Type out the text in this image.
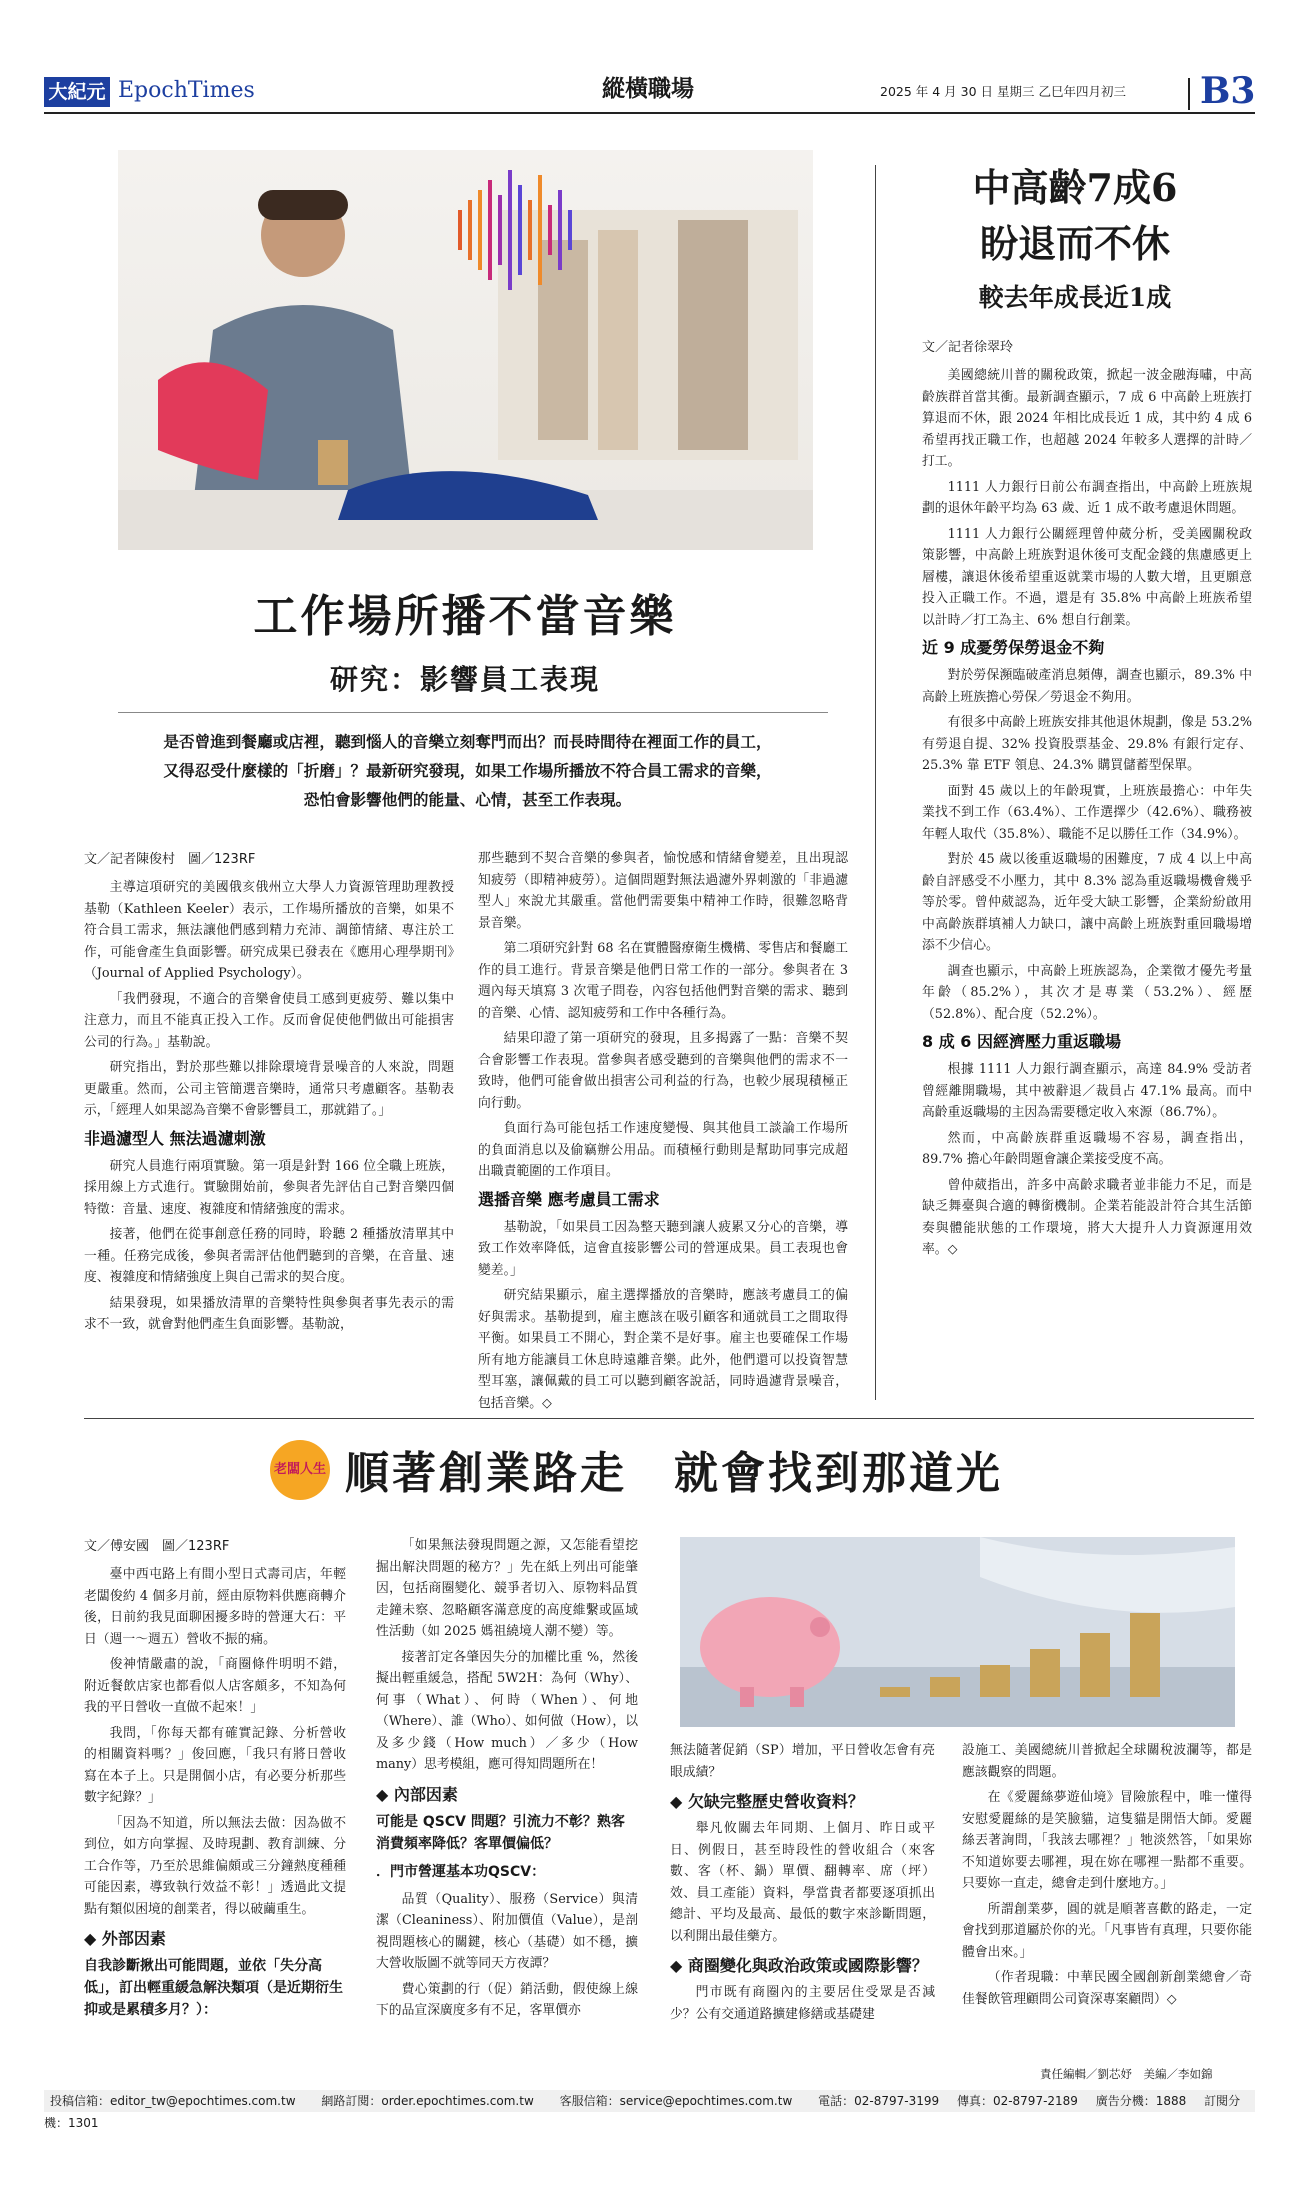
大紀元 EpochTimes	縱橫職場	2025 年 4 月 30 日 星期三 乙巳年四月初三 B3
工作場所播不當音樂
研究：影響員工表現
是否曾進到餐廳或店裡，聽到惱人的音樂立刻奪門而出？而長時間待在裡面工作的員工，
又得忍受什麼樣的「折磨」？最新研究發現，如果工作場所播放不符合員工需求的音樂，
恐怕會影響他們的能量、心情，甚至工作表現。
文／記者陳俊村　圖／123RF

主導這項研究的美國俄亥俄州立大學人力資源管理助理教授基勒（Kathleen Keeler）表示，工作場所播放的音樂，如果不符合員工需求，無法讓他們感到精力充沛、調節情緒、專注於工作，可能會產生負面影響。研究成果已發表在《應用心理學期刊》（Journal of Applied Psychology）。

「我們發現，不適合的音樂會使員工感到更疲勞、難以集中注意力，而且不能真正投入工作。反而會促使他們做出可能損害公司的行為。」基勒說。

研究指出，對於那些難以排除環境背景噪音的人來說，問題更嚴重。然而，公司主管簡選音樂時，通常只考慮顧客。基勒表示，「經理人如果認為音樂不會影響員工，那就錯了。」

非過濾型人 無法過濾刺激

研究人員進行兩項實驗。第一項是針對 166 位全職上班族，採用線上方式進行。實驗開始前，參與者先評估自己對音樂四個特徵：音量、速度、複雜度和情緒強度的需求。

接著，他們在從事創意任務的同時，聆聽 2 種播放清單其中一種。任務完成後，參與者需評估他們聽到的音樂，在音量、速度、複雜度和情緒強度上與自己需求的契合度。

結果發現，如果播放清單的音樂特性與參與者事先表示的需求不一致，就會對他們產生負面影響。基勒說，

那些聽到不契合音樂的參與者，愉悅感和情緒會變差，且出現認知疲勞（即精神疲勞）。這個問題對無法過濾外界刺激的「非過濾型人」來說尤其嚴重。當他們需要集中精神工作時，很難忽略背景音樂。

第二項研究針對 68 名在實體醫療衛生機構、零售店和餐廳工作的員工進行。背景音樂是他們日常工作的一部分。參與者在 3 週內每天填寫 3 次電子問卷，內容包括他們對音樂的需求、聽到的音樂、心情、認知疲勞和工作中各種行為。

結果印證了第一項研究的發現，且多揭露了一點：音樂不契合會影響工作表現。當參與者感受聽到的音樂與他們的需求不一致時，他們可能會做出損害公司利益的行為，也較少展現積極正向行動。

負面行為可能包括工作速度變慢、與其他員工談論工作場所的負面消息以及偷竊辦公用品。而積極行動則是幫助同事完成超出職責範圍的工作項目。

選播音樂 應考慮員工需求

基勒說，「如果員工因為整天聽到讓人疲累又分心的音樂，導致工作效率降低，這會直接影響公司的營運成果。員工表現也會變差。」

研究結果顯示，雇主選擇播放的音樂時，應該考慮員工的偏好與需求。基勒提到，雇主應該在吸引顧客和通就員工之間取得平衡。如果員工不開心，對企業不是好事。雇主也要確保工作場所有地方能讓員工休息時遠離音樂。此外，他們還可以投資智慧型耳塞，讓佩戴的員工可以聽到顧客說話，同時過濾背景噪音，包括音樂。◇

中高齡7成6
盼退而不休
較去年成長近1成
文／記者徐翠玲

美國總統川普的關稅政策，掀起一波金融海嘯，中高齡族群首當其衝。最新調查顯示，7 成 6 中高齡上班族打算退而不休，跟 2024 年相比成長近 1 成，其中約 4 成 6 希望再找正職工作，也超越 2024 年較多人選擇的計時／打工。

1111 人力銀行日前公布調查指出，中高齡上班族規劃的退休年齡平均為 63 歲、近 1 成不敢考慮退休問題。

1111 人力銀行公關經理曾仲葳分析，受美國關稅政策影響，中高齡上班族對退休後可支配金錢的焦慮感更上層樓，讓退休後希望重返就業市場的人數大增，且更願意投入正職工作。不過，還是有 35.8% 中高齡上班族希望以計時／打工為主、6% 想自行創業。

近 9 成憂勞保勞退金不夠

對於勞保瀕臨破產消息頻傳，調查也顯示，89.3% 中高齡上班族擔心勞保／勞退金不夠用。

有很多中高齡上班族安排其他退休規劃，像是 53.2% 有勞退自提、32% 投資股票基金、29.8% 有銀行定存、25.3% 靠 ETF 領息、24.3% 購買儲蓄型保單。

面對 45 歲以上的年齡現實，上班族最擔心：中年失業找不到工作（63.4%）、工作選擇少（42.6%）、職務被年輕人取代（35.8%）、職能不足以勝任工作（34.9%）。

對於 45 歲以後重返職場的困難度，7 成 4 以上中高齡自評感受不小壓力，其中 8.3% 認為重返職場機會幾乎等於零。曾仲葳認為，近年受大缺工影響，企業紛紛啟用中高齡族群填補人力缺口，讓中高齡上班族對重回職場增添不少信心。

調查也顯示，中高齡上班族認為，企業徵才優先考量年齡（85.2%），其次才是專業（53.2%）、經歷（52.8%）、配合度（52.2%）。

8 成 6 因經濟壓力重返職場

根據 1111 人力銀行調查顯示，高達 84.9% 受訪者曾經離開職場，其中被辭退／裁員占 47.1% 最高。而中高齡重返職場的主因為需要穩定收入來源（86.7%）。

然而，中高齡族群重返職場不容易，調查指出，89.7% 擔心年齡問題會讓企業接受度不高。

曾仲葳指出，許多中高齡求職者並非能力不足，而是缺乏舞臺與合適的轉銜機制。企業若能設計符合其生活節奏與體能狀態的工作環境，將大大提升人力資源運用效率。◇

老闆人生 順著創業路走　就會找到那道光
文／傅安國　圖／123RF

臺中西屯路上有間小型日式壽司店，年輕老闆俊約 4 個多月前，經由原物料供應商轉介後，日前約我見面聊困擾多時的營運大石：平日（週一～週五）營收不振的痛。

俊神情嚴肅的說，「商圈條件明明不錯，附近餐飲店家也都看似人店客頗多，不知為何我的平日營收一直做不起來！」

我問，「你每天都有確實記錄、分析營收的相關資料嗎？」俊回應，「我只有將日營收寫在本子上。只是開個小店，有必要分析那些數字紀錄？」

「因為不知道，所以無法去做：因為做不到位，如方向掌握、及時現劃、教育訓練、分工合作等，乃至於思維偏頗或三分鐘熱度種種可能因素，導致執行效益不彰！」透過此文提點有類似困境的創業者，得以破繭重生。

◆ 外部因素
自我診斷揪出可能問題，並依「失分高低」，訂出輕重緩急解決類項（是近期衍生抑或是累積多月？）：

「如果無法發現問題之源，又怎能看望挖掘出解決問題的秘方？」先在紙上列出可能肇因，包括商圈變化、競爭者切入、原物料品質走鐘未察、忽略顧客滿意度的高度維繫或區域性活動（如 2025 媽祖繞境人潮不變）等。

接著訂定各肇因失分的加權比重 %，然後擬出輕重緩急，搭配 5W2H：為何（Why）、何事（What）、何時（When）、何地（Where）、誰（Who）、如何做（How），以及多少錢（How much）／多少（How many）思考模組，應可得知問題所在！

◆ 內部因素
可能是 QSCV 問題？引流力不彰？熟客消費頻率降低？客單價偏低？
．門市營運基本功QSCV：

品質（Quality）、服務（Service）與清潔（Cleaniness）、附加價值（Value），是剖視問題核心的關鍵，核心（基礎）如不穩，擴大營收版圖不就等同天方夜譚？

費心策劃的行（促）銷活動，假使線上線下的品宣深廣度多有不足，客單價亦

無法隨著促銷（SP）增加，平日營收怎會有亮眼成績？

◆ 欠缺完整歷史營收資料？

舉凡攸關去年同期、上個月、昨日或平日、例假日，甚至時段性的營收組合（來客數、客（杯、鍋）單價、翻轉率、席（坪）效、員工產能）資料，學當貴者都要逐項抓出總計、平均及最高、最低的數字來診斷問題，以利開出最佳藥方。

◆ 商圈變化與政治政策或國際影響？

門市既有商圈內的主要居住受眾是否減少？公有交通道路擴建修繕或基礎建

設施工、美國總統川普掀起全球關稅波瀾等，都是應該觀察的問題。

在《愛麗絲夢遊仙境》冒險旅程中，唯一懂得安慰愛麗絲的是笑臉貓，這隻貓是開悟大師。愛麗絲丟著詢問，「我該去哪裡？」牠淡然答，「如果妳不知道妳要去哪裡，現在妳在哪裡一點都不重要。只要妳一直走，總會走到什麼地方。」

所謂創業夢，圓的就是順著喜歡的路走，一定會找到那道屬於你的光。「凡事皆有真理，只要你能體會出來。」

（作者現職：中華民國全國創新創業總會／奇佳餐飲管理顧問公司資深專案顧問）◇

責任編輯／劉芯妤　美編／李如錦
投稿信箱：editor_tw@epochtimes.com.tw 網路訂閱：order.epochtimes.com.tw 客服信箱：service@epochtimes.com.tw 電話：02-8797-3199 傳真：02-8797-2189 廣告分機：1888 訂閱分機：1301
